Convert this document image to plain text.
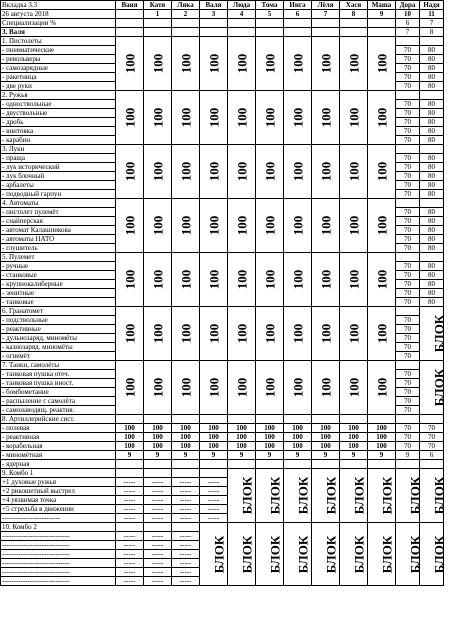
Вкладка 3.3	Ваня	Катя	Ляка	Валя	Люда	Тома	Инга	Лёля	Хася	Маша	Дора	Надя
26 августа 2018		1	2	3	4	5	6	7	8	9	10	11
Специализации %											6	7
3. Валя											7	8
1. Пистолеты	100	100	100	100	100	100	100	100	100	100		
- пневматические											70	80
- револьверы											70	80
- самозарядные											70	80
- ракетница											70	80
- две руки											70	80
2. Ружья	100	100	100	100	100	100	100	100	100	100		
- одноствольные											70	80
- двуствольные											70	80
- дробь											70	80
- винтовка											70	80
- карабин											70	80
3. Луки	100	100	100	100	100	100	100	100	100	100		
- праща											70	80
- лук исторический											70	80
- лук блочный											70	80
- арбалеты											70	80
- подводный гарпун											70	80
4. Автоматы	100	100	100	100	100	100	100	100	100	100		
- пистолет пулемёт											70	80
- снайперская											70	80
- автомат Калашникова											70	80
- автоматы НАТО											70	80
- глушитель											70	80
5. Пулемет	100	100	100	100	100	100	100	100	100	100		
- ручные											70	80
- станковые											70	80
- крупнокалиберные											70	80
- зенитные											70	80
- танковые											70	80
6. Гранатомет	100	100	100	100	100	100	100	100	100	100		БЛОК
- подствольные											70	
- реактивные											70	
- дульнозаряд. миномёты											70	
- казнозаряд. миномёты											70	
- огнемёт											70	
7. Танки, самолёты	100	100	100	100	100	100	100	100	100	100		БЛОК
- танковая пушка отеч.											70	
- танковая пушка иност.											70	
- бомбометание											70	
- распыление с самолёта											70	
- самонаводящ. реактив.											70	
8. Артиллерийские сист.												
- полевая	100	100	100	100	100	100	100	100	100	100	70	70
- реактивная	100	100	100	100	100	100	100	100	100	100	70	70
- корабельная	100	100	100	100	100	100	100	100	100	100	70	70
- миномётная	9	9	9	9	9	9	9	9	9	9	9	6
- ядерная												
9. Комбо 1					БЛОК	БЛОК	БЛОК	БЛОК	БЛОК	БЛОК	БЛОК	БЛОК
+1 духовые ружья	-----	-----	-----	-----								
+2 рикошетный выстрел	-----	-----	-----	-----								
+4 уязвимая точка	-----	-----	-----	-----								
+5 стрельба в движении	-----	-----	-----	-----								
-------------------------	-----	-----	-----	-----								
10. Комбо 2				БЛОК	БЛОК	БЛОК	БЛОК	БЛОК	БЛОК	БЛОК	БЛОК	БЛОК
-----------------------------	-----	-----	-----									
-----------------------------	-----	-----	-----									
-----------------------------	-----	-----	-----									
-----------------------------	-----	-----	-----									
-----------------------------	-----	-----	-----									
-----------------------------	-----	-----	-----									
